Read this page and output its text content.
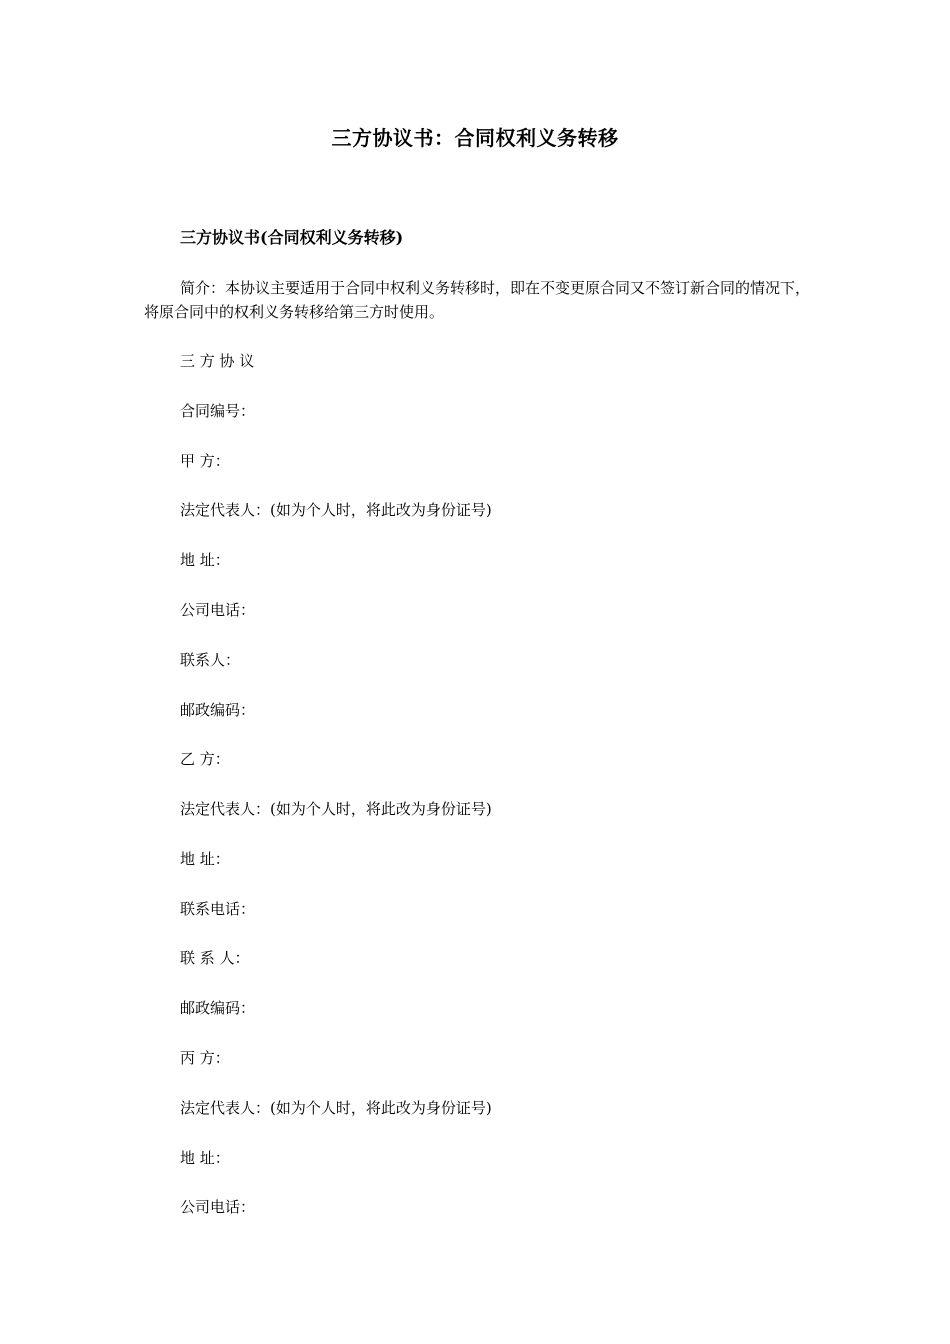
三方协议书：合同权利义务转移
三方协议书(合同权利义务转移)
简介：本协议主要适用于合同中权利义务转移时，即在不变更原合同又不签订新合同的情况下，将原合同中的权利义务转移给第三方时使用。
三 方 协 议
合同编号：
甲 方：
法定代表人：(如为个人时，将此改为身份证号)
地 址：
公司电话：
联系人：
邮政编码：
乙 方：
法定代表人：(如为个人时，将此改为身份证号)
地 址：
联系电话：
联 系 人：
邮政编码：
丙 方：
法定代表人：(如为个人时，将此改为身份证号)
地 址：
公司电话：
